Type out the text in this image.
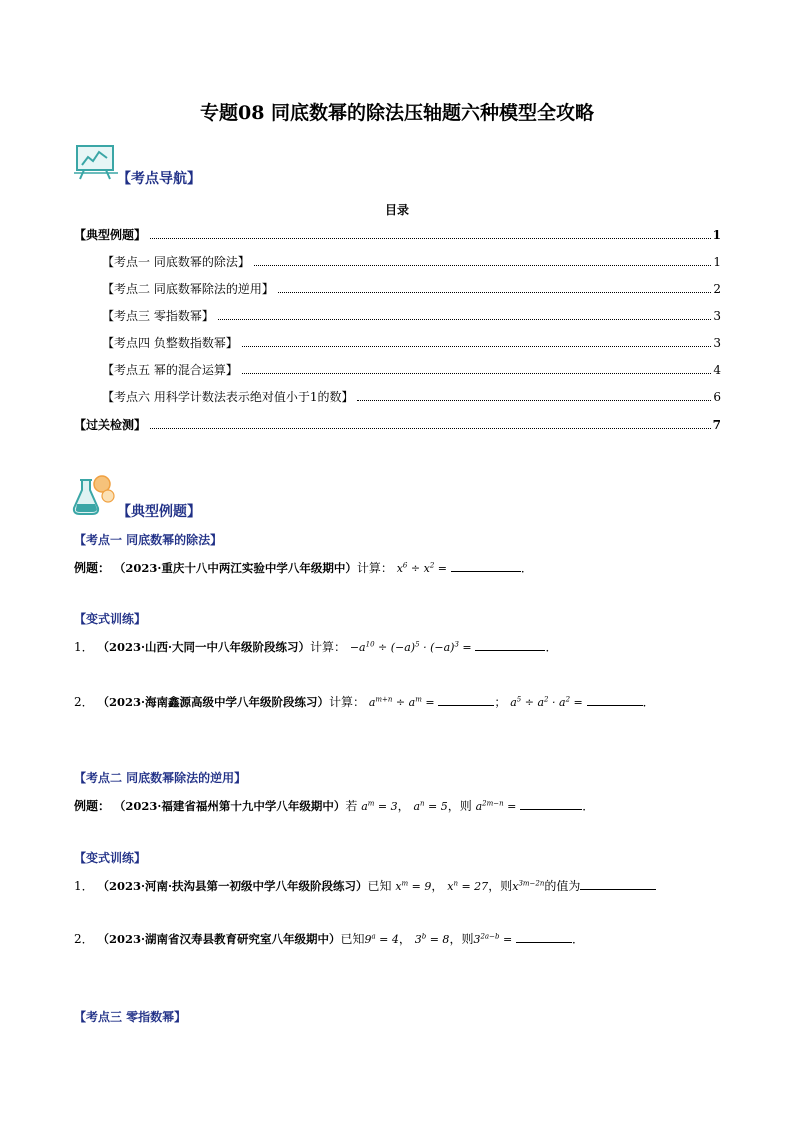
专题08 同底数幂的除法压轴题六种模型全攻略
【考点导航】
目录
【典型例题】	1
【考点一 同底数幂的除法】	1
【考点二 同底数幂除法的逆用】	2
【考点三 零指数幂】	3
【考点四 负整数指数幂】	3
【考点五 幂的混合运算】	4
【考点六 用科学计数法表示绝对值小于1的数】	6
【过关检测】	7
【典型例题】
【考点一 同底数幂的除法】
例题： （2023·重庆十八中两江实验中学八年级期中）计算： $x^6 \div x^2$ =	．
【变式训练】
1． （2023·山西·大同一中八年级阶段练习）计算： $-a^{10} \div (-a)^5 \cdot (-a)^3$ =	．
2． （2023·海南鑫源高级中学八年级阶段练习）计算： $a^{m+n} \div a^m$ =	； $a^5 \div a^2 \cdot a^2$ =	．
【考点二 同底数幂除法的逆用】
例题： （2023·福建省福州第十九中学八年级期中）若 $a^m = 3$， $a^n = 5$，则 $a^{2m-n}$ =	．
【变式训练】
1． （2023·河南·扶沟县第一初级中学八年级阶段练习）已知 $x^m = 9$， $x^n = 27$，则$x^{3m-2n}$的值为
2． （2023·湖南省汉寿县教育研究室八年级期中）已知$9^a = 4$， $3^b = 8$，则$3^{2a-b}$ =	．
【考点三 零指数幂】
